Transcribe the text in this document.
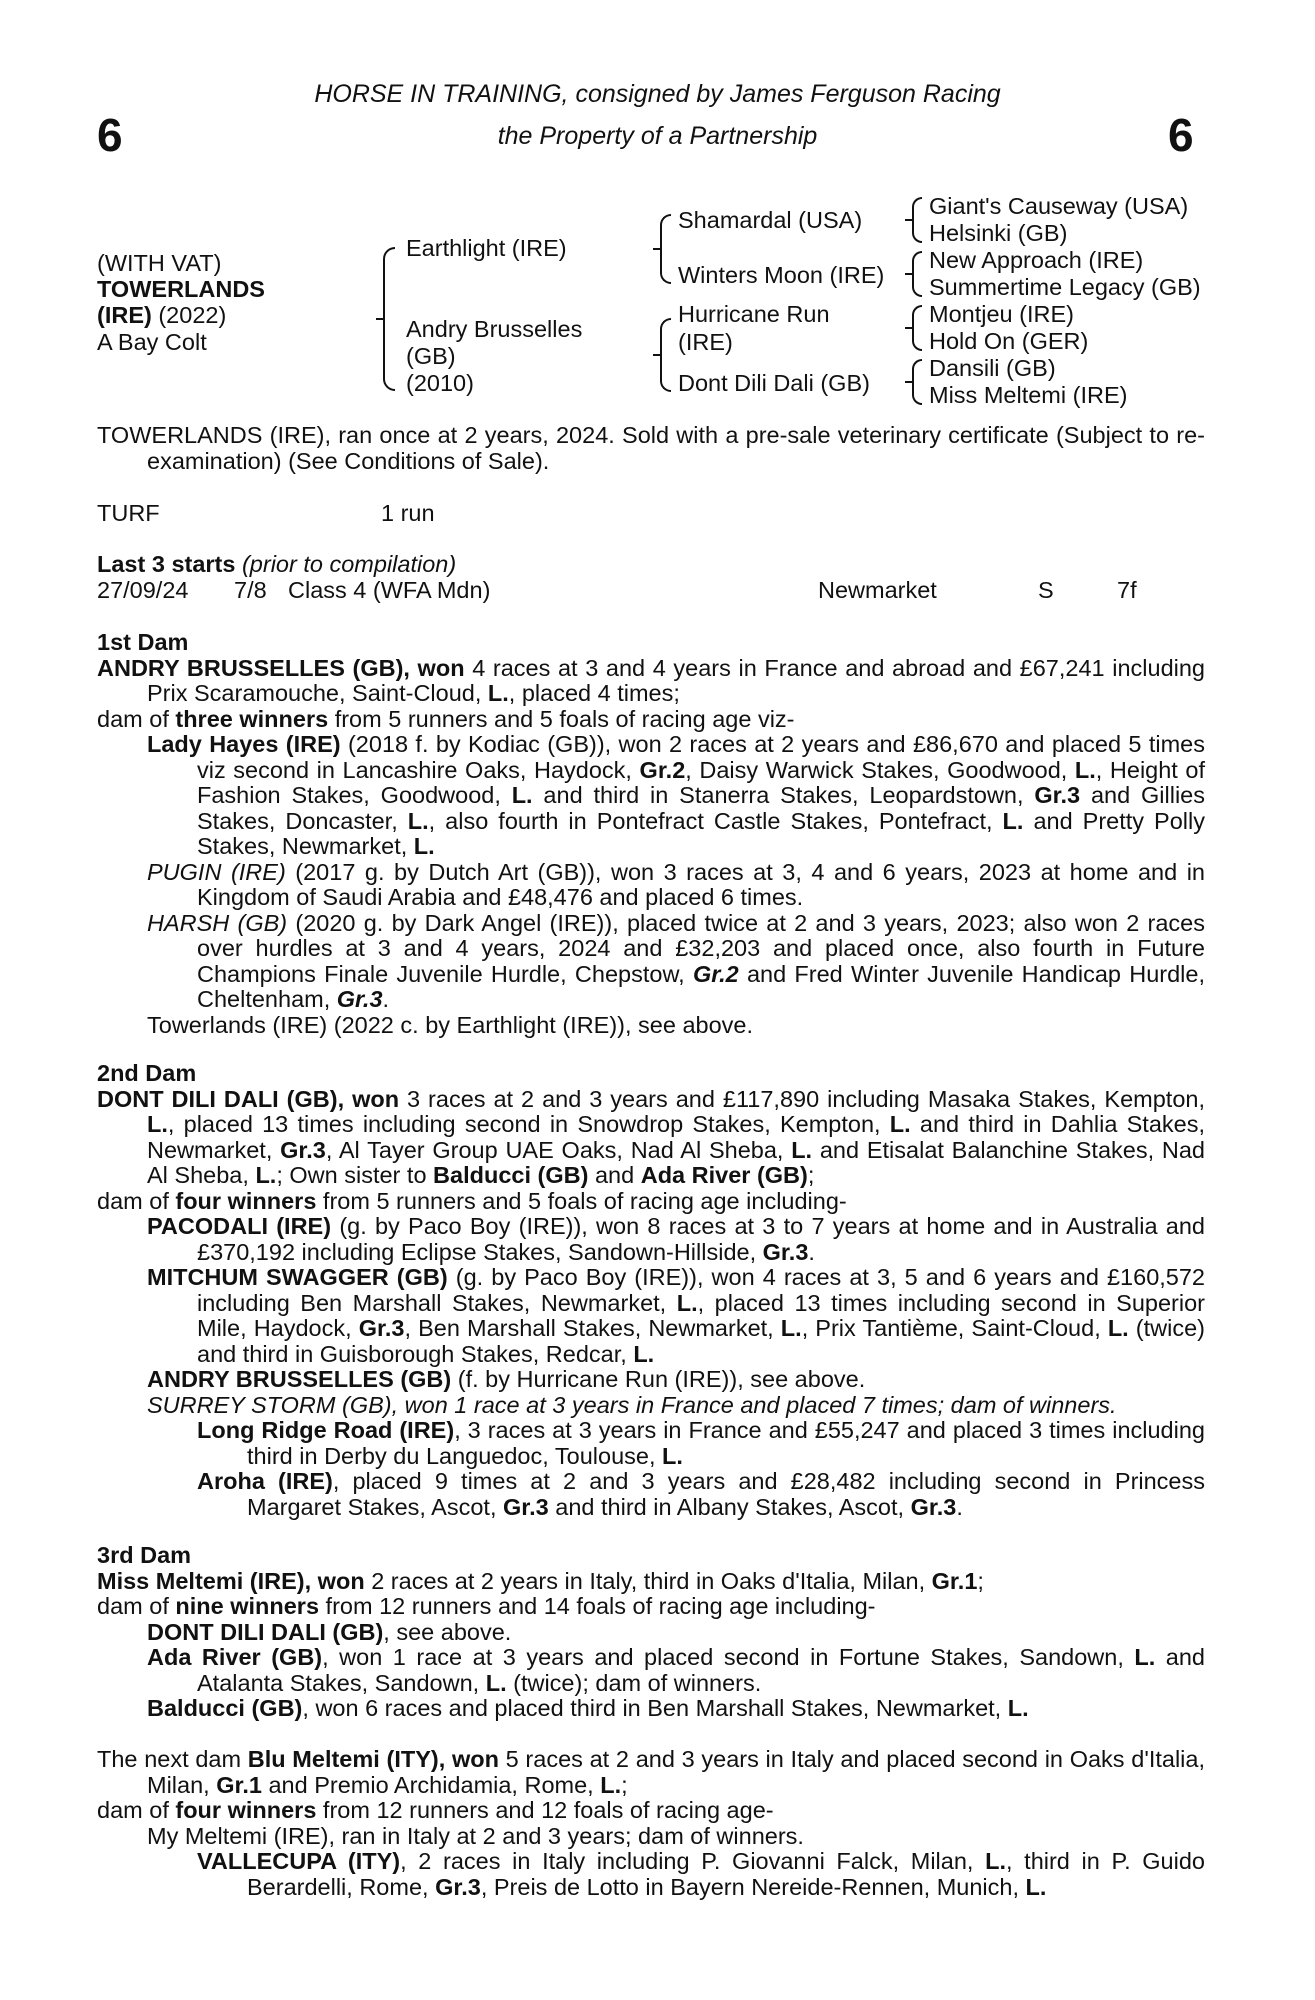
6	6
HORSE IN TRAINING, consigned by James Ferguson Racing
the Property of a Partnership
(WITH VAT)
TOWERLANDS
(IRE) (2022)
A Bay Colt
Earthlight (IRE)
Andry Brusselles
(GB)
(2010)
Shamardal (USA)
Winters Moon (IRE)
Hurricane Run
(IRE)
Dont Dili Dali (GB)
Giant's Causeway (USA)
Helsinki (GB)
New Approach (IRE)
Summertime Legacy (GB)
Montjeu (IRE)
Hold On (GER)
Dansili (GB)
Miss Meltemi (IRE)
TOWERLANDS (IRE), ran once at 2 years, 2024. Sold with a pre-sale veterinary certificate (Subject to re-examination) (See Conditions of Sale).
TURF	1 run
Last 3 starts (prior to compilation)
27/09/24 7/8 Class 4 (WFA Mdn)	Newmarket	S	7f
1st Dam
ANDRY BRUSSELLES (GB), won 4 races at 3 and 4 years in France and abroad and £67,241 including Prix Scaramouche, Saint-Cloud, L., placed 4 times;
dam of three winners from 5 runners and 5 foals of racing age viz-
Lady Hayes (IRE) (2018 f. by Kodiac (GB)), won 2 races at 2 years and £86,670 and placed 5 times viz second in Lancashire Oaks, Haydock, Gr.2, Daisy Warwick Stakes, Goodwood, L., Height of Fashion Stakes, Goodwood, L. and third in Stanerra Stakes, Leopardstown, Gr.3 and Gillies Stakes, Doncaster, L., also fourth in Pontefract Castle Stakes, Pontefract, L. and Pretty Polly Stakes, Newmarket, L.
PUGIN (IRE) (2017 g. by Dutch Art (GB)), won 3 races at 3, 4 and 6 years, 2023 at home and in Kingdom of Saudi Arabia and £48,476 and placed 6 times.
HARSH (GB) (2020 g. by Dark Angel (IRE)), placed twice at 2 and 3 years, 2023; also won 2 races over hurdles at 3 and 4 years, 2024 and £32,203 and placed once, also fourth in Future Champions Finale Juvenile Hurdle, Chepstow, Gr.2 and Fred Winter Juvenile Handicap Hurdle, Cheltenham, Gr.3.
Towerlands (IRE) (2022 c. by Earthlight (IRE)), see above.
2nd Dam
DONT DILI DALI (GB), won 3 races at 2 and 3 years and £117,890 including Masaka Stakes, Kempton, L., placed 13 times including second in Snowdrop Stakes, Kempton, L. and third in Dahlia Stakes, Newmarket, Gr.3, Al Tayer Group UAE Oaks, Nad Al Sheba, L. and Etisalat Balanchine Stakes, Nad Al Sheba, L.; Own sister to Balducci (GB) and Ada River (GB);
dam of four winners from 5 runners and 5 foals of racing age including-
PACODALI (IRE) (g. by Paco Boy (IRE)), won 8 races at 3 to 7 years at home and in Australia and £370,192 including Eclipse Stakes, Sandown-Hillside, Gr.3.
MITCHUM SWAGGER (GB) (g. by Paco Boy (IRE)), won 4 races at 3, 5 and 6 years and £160,572 including Ben Marshall Stakes, Newmarket, L., placed 13 times including second in Superior Mile, Haydock, Gr.3, Ben Marshall Stakes, Newmarket, L., Prix Tantième, Saint-Cloud, L. (twice) and third in Guisborough Stakes, Redcar, L.
ANDRY BRUSSELLES (GB) (f. by Hurricane Run (IRE)), see above.
SURREY STORM (GB), won 1 race at 3 years in France and placed 7 times; dam of winners.
Long Ridge Road (IRE), 3 races at 3 years in France and £55,247 and placed 3 times including third in Derby du Languedoc, Toulouse, L.
Aroha (IRE), placed 9 times at 2 and 3 years and £28,482 including second in Princess Margaret Stakes, Ascot, Gr.3 and third in Albany Stakes, Ascot, Gr.3.
3rd Dam
Miss Meltemi (IRE), won 2 races at 2 years in Italy, third in Oaks d'Italia, Milan, Gr.1;
dam of nine winners from 12 runners and 14 foals of racing age including-
DONT DILI DALI (GB), see above.
Ada River (GB), won 1 race at 3 years and placed second in Fortune Stakes, Sandown, L. and Atalanta Stakes, Sandown, L. (twice); dam of winners.
Balducci (GB), won 6 races and placed third in Ben Marshall Stakes, Newmarket, L.
The next dam Blu Meltemi (ITY), won 5 races at 2 and 3 years in Italy and placed second in Oaks d'Italia, Milan, Gr.1 and Premio Archidamia, Rome, L.;
dam of four winners from 12 runners and 12 foals of racing age-
My Meltemi (IRE), ran in Italy at 2 and 3 years; dam of winners.
VALLECUPA (ITY), 2 races in Italy including P. Giovanni Falck, Milan, L., third in P. Guido Berardelli, Rome, Gr.3, Preis de Lotto in Bayern Nereide-Rennen, Munich, L.
